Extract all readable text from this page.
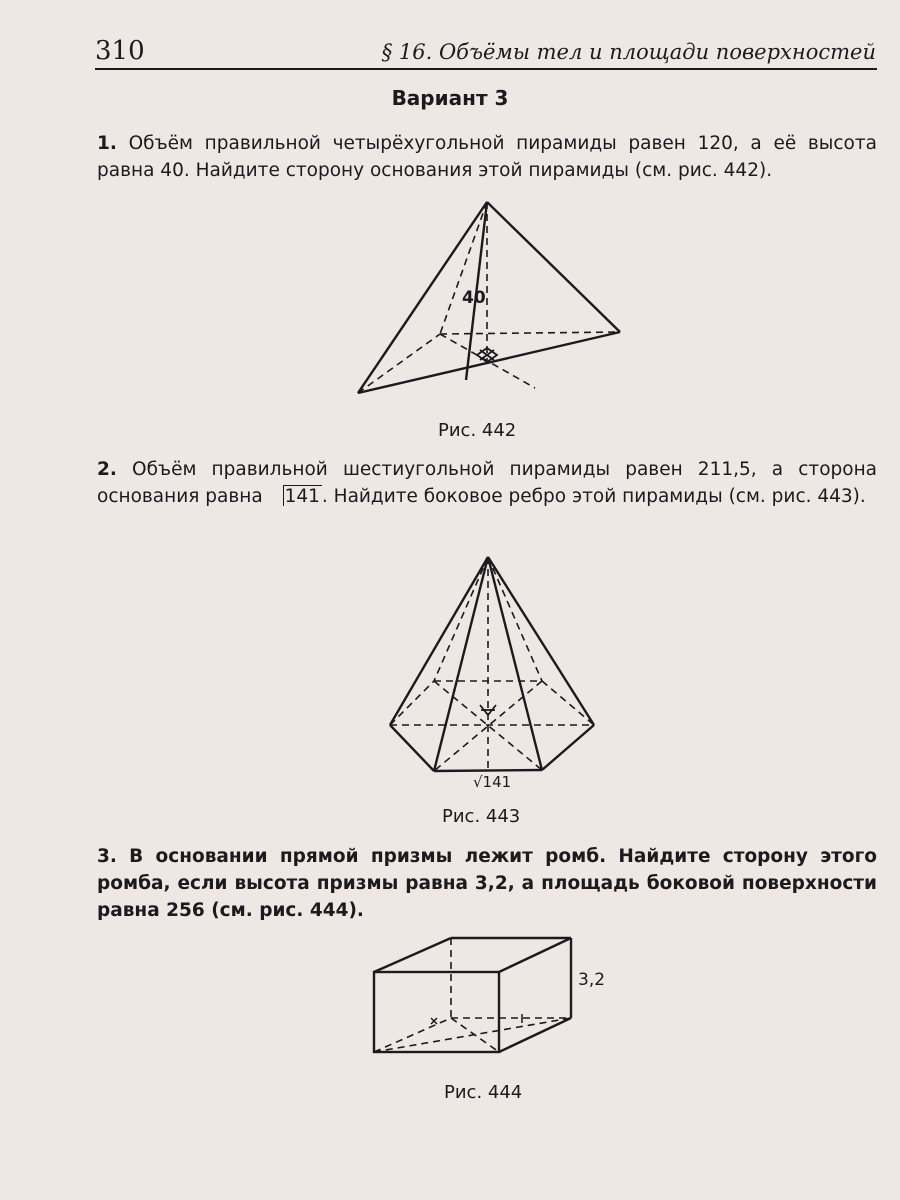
310	§ 16. Объёмы тел и площади поверхностей
Вариант 3
1. Объём правильной четырёхугольной пирамиды равен 120, а её высота равна 40. Найдите сторону основания этой пирамиды (см. рис. 442).
40
Рис. 442
2. Объём правильной шестиугольной пирамиды равен 211,5, а сторона основания равна 141 . Найдите боковое ребро этой пирамиды (см. рис. 443).
√141
Рис. 443
3. В основании прямой призмы лежит ромб. Найдите сторону этого ромба, если высота призмы равна 3,2, а площадь боковой поверхности равна 256 (см. рис. 444).
3,2
Рис. 444
